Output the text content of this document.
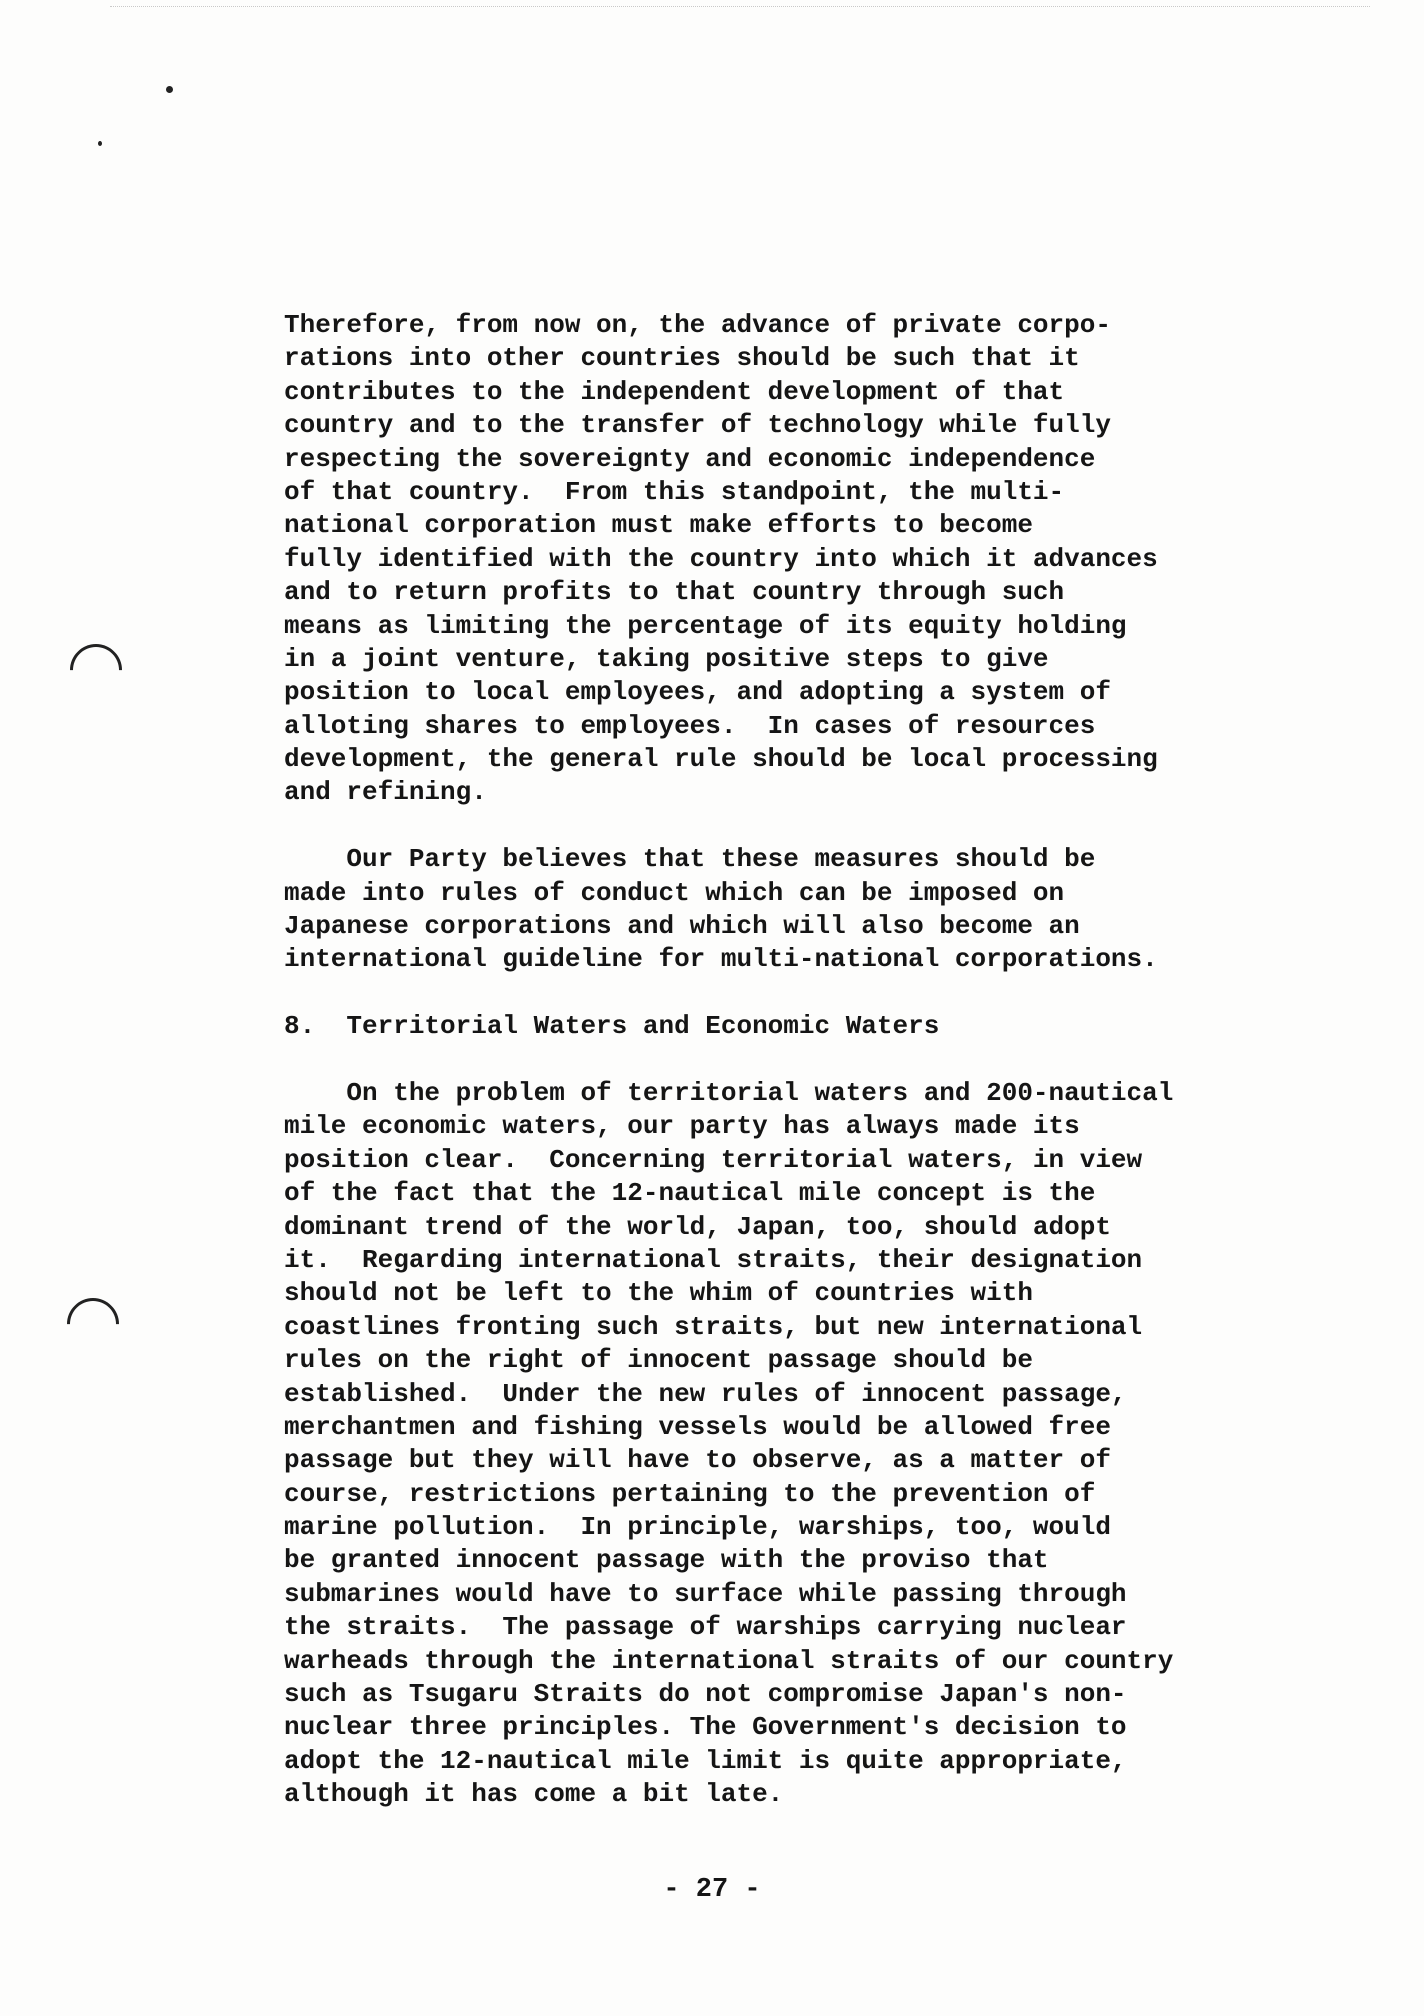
Therefore, from now on, the advance of private corpo-
rations into other countries should be such that it
contributes to the independent development of that
country and to the transfer of technology while fully
respecting the sovereignty and economic independence
of that country.  From this standpoint, the multi-
national corporation must make efforts to become
fully identified with the country into which it advances
and to return profits to that country through such
means as limiting the percentage of its equity holding
in a joint venture, taking positive steps to give
position to local employees, and adopting a system of
alloting shares to employees.  In cases of resources
development, the general rule should be local processing
and refining.
Our Party believes that these measures should be
made into rules of conduct which can be imposed on
Japanese corporations and which will also become an
international guideline for multi-national corporations.
8.  Territorial Waters and Economic Waters
On the problem of territorial waters and 200-nautical
mile economic waters, our party has always made its
position clear.  Concerning territorial waters, in view
of the fact that the 12-nautical mile concept is the
dominant trend of the world, Japan, too, should adopt
it.  Regarding international straits, their designation
should not be left to the whim of countries with
coastlines fronting such straits, but new international
rules on the right of innocent passage should be
established.  Under the new rules of innocent passage,
merchantmen and fishing vessels would be allowed free
passage but they will have to observe, as a matter of
course, restrictions pertaining to the prevention of
marine pollution.  In principle, warships, too, would
be granted innocent passage with the proviso that
submarines would have to surface while passing through
the straits.  The passage of warships carrying nuclear
warheads through the international straits of our country
such as Tsugaru Straits do not compromise Japan's non-
nuclear three principles. The Government's decision to
adopt the 12-nautical mile limit is quite appropriate,
although it has come a bit late.
- 27 -
